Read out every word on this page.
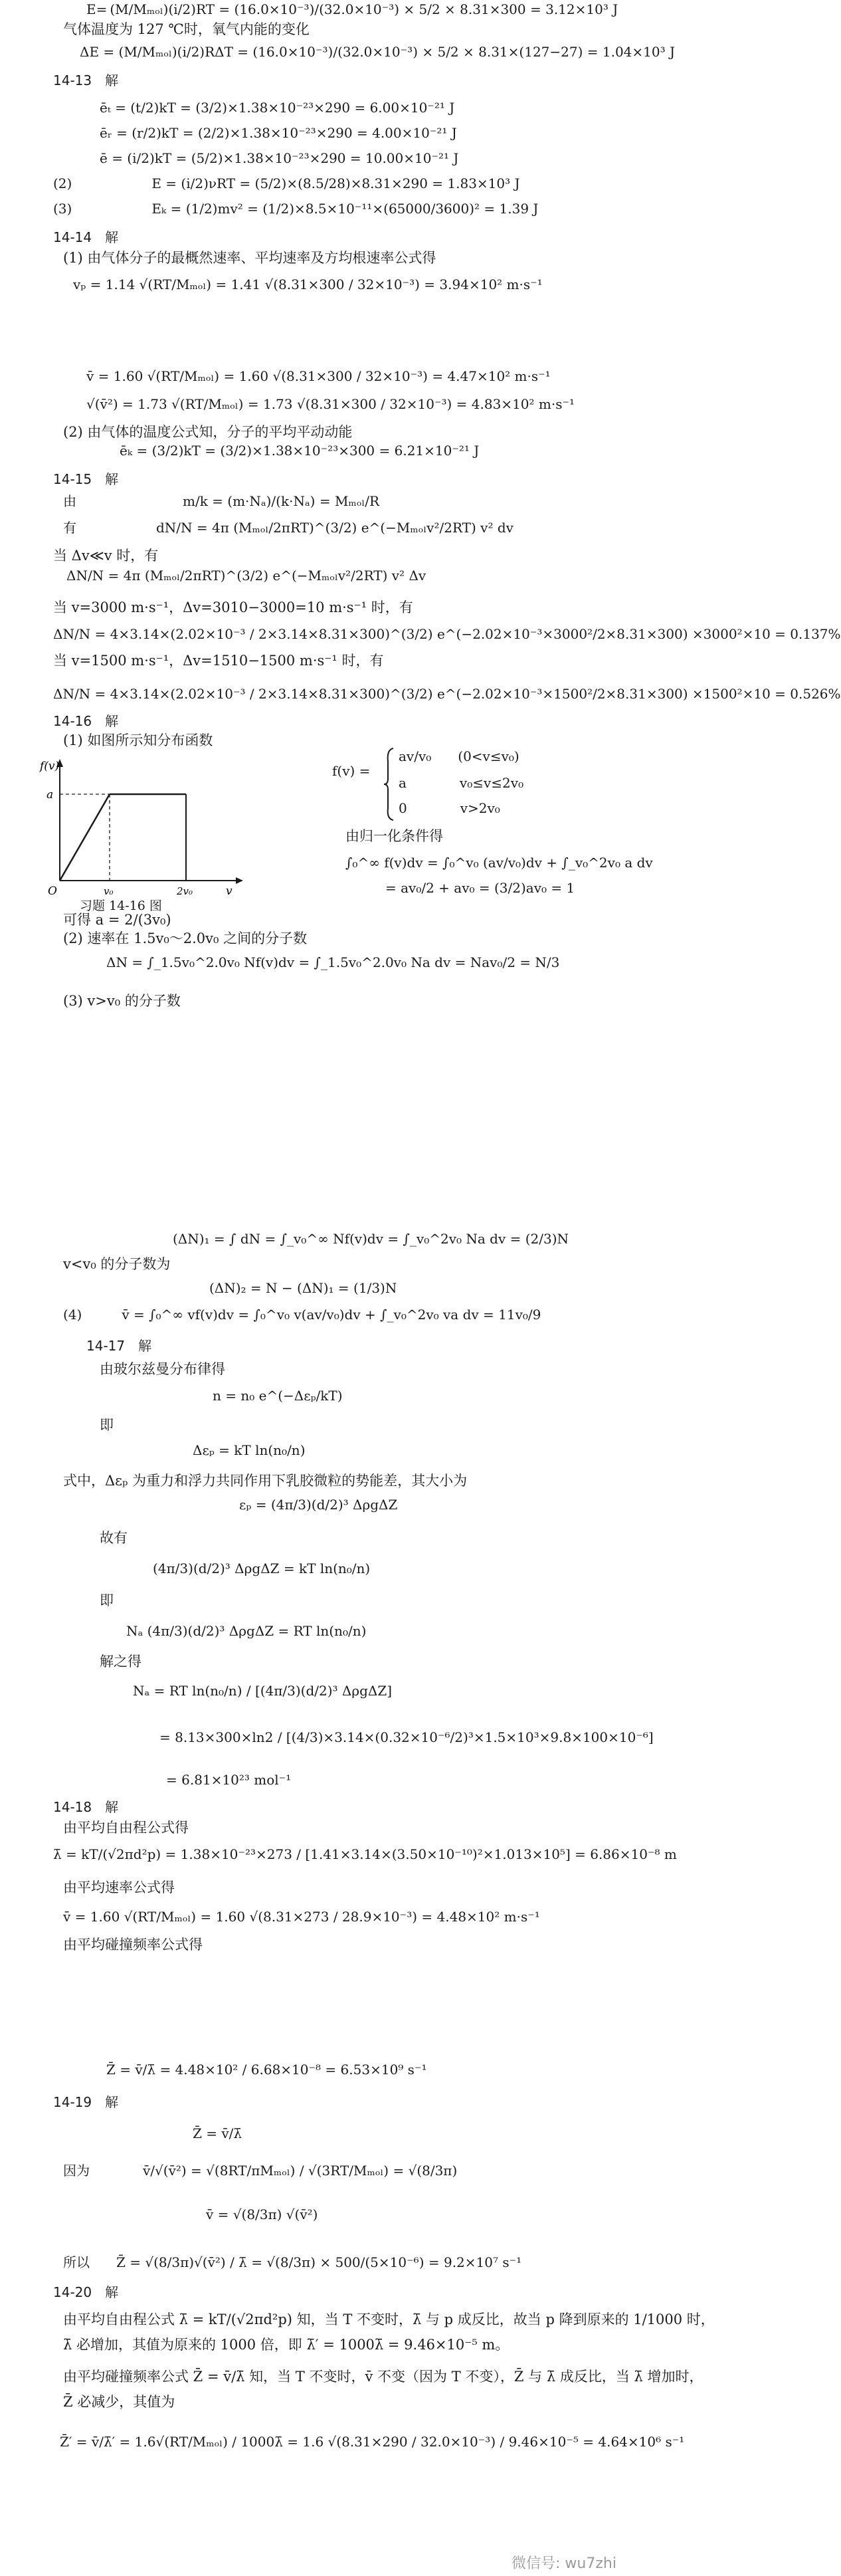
E= (M/Mₘₒₗ)(i/2)RT = (16.0×10⁻³)/(32.0×10⁻³) × 5/2 × 8.31×300 = 3.12×10³ J
气体温度为 127 ℃时，氧气内能的变化
ΔE = (M/Mₘₒₗ)(i/2)RΔT = (16.0×10⁻³)/(32.0×10⁻³) × 5/2 × 8.31×(127−27) = 1.04×10³ J
14-13　解
ēₜ = (t/2)kT = (3/2)×1.38×10⁻²³×290 = 6.00×10⁻²¹ J
ēᵣ = (r/2)kT = (2/2)×1.38×10⁻²³×290 = 4.00×10⁻²¹ J
ē = (i/2)kT = (5/2)×1.38×10⁻²³×290 = 10.00×10⁻²¹ J
(2)　　　　　　E = (i/2)νRT = (5/2)×(8.5/28)×8.31×290 = 1.83×10³ J
(3)　　　　　　Eₖ = (1/2)mv² = (1/2)×8.5×10⁻¹¹×(65000/3600)² = 1.39 J
14-14　解
(1) 由气体分子的最概然速率、平均速率及方均根速率公式得
vₚ = 1.14 √(RT/Mₘₒₗ) = 1.41 √(8.31×300 / 32×10⁻³) = 3.94×10² m·s⁻¹
v̄ = 1.60 √(RT/Mₘₒₗ) = 1.60 √(8.31×300 / 32×10⁻³) = 4.47×10² m·s⁻¹
√(v̄²) = 1.73 √(RT/Mₘₒₗ) = 1.73 √(8.31×300 / 32×10⁻³) = 4.83×10² m·s⁻¹
(2) 由气体的温度公式知，分子的平均平动动能
ēₖ = (3/2)kT = (3/2)×1.38×10⁻²³×300 = 6.21×10⁻²¹ J
14-15　解
由　　　　　　　　m/k = (m·Nₐ)/(k·Nₐ) = Mₘₒₗ/R
有　　　　　　dN/N = 4π (Mₘₒₗ/2πRT)^(3/2) e^(−Mₘₒₗv²/2RT) v² dv
当 Δv≪v 时，有
ΔN/N = 4π (Mₘₒₗ/2πRT)^(3/2) e^(−Mₘₒₗv²/2RT) v² Δv
当 v=3000 m·s⁻¹，Δv=3010−3000=10 m·s⁻¹ 时，有
ΔN/N = 4×3.14×(2.02×10⁻³ / 2×3.14×8.31×300)^(3/2) e^(−2.02×10⁻³×3000²/2×8.31×300) ×3000²×10 = 0.137%
当 v=1500 m·s⁻¹，Δv=1510−1500 m·s⁻¹ 时，有
ΔN/N = 4×3.14×(2.02×10⁻³ / 2×3.14×8.31×300)^(3/2) e^(−2.02×10⁻³×1500²/2×8.31×300) ×1500²×10 = 0.526%
14-16　解
(1) 如图所示知分布函数
可得 a = 2/(3v₀)
(2) 速率在 1.5v₀～2.0v₀ 之间的分子数
ΔN = ∫_1.5v₀^2.0v₀ Nf(v)dv = ∫_1.5v₀^2.0v₀ Na dv = Nav₀/2 = N/3
(3) v>v₀ 的分子数
(ΔN)₁ = ∫ dN = ∫_v₀^∞ Nf(v)dv = ∫_v₀^2v₀ Na dv = (2/3)N
v<v₀ 的分子数为
(ΔN)₂ = N − (ΔN)₁ = (1/3)N
(4)　　　v̄ = ∫₀^∞ vf(v)dv = ∫₀^v₀ v(av/v₀)dv + ∫_v₀^2v₀ va dv = 11v₀/9
14-17　解
由玻尔兹曼分布律得
n = n₀ e^(−Δεₚ/kT)
即
Δεₚ = kT ln(n₀/n)
式中，Δεₚ 为重力和浮力共同作用下乳胶微粒的势能差，其大小为
εₚ = (4π/3)(d/2)³ ΔρgΔZ
故有
(4π/3)(d/2)³ ΔρgΔZ = kT ln(n₀/n)
即
Nₐ (4π/3)(d/2)³ ΔρgΔZ = RT ln(n₀/n)
解之得
Nₐ = RT ln(n₀/n) / [(4π/3)(d/2)³ ΔρgΔZ]
= 8.13×300×ln2 / [(4/3)×3.14×(0.32×10⁻⁶/2)³×1.5×10³×9.8×100×10⁻⁶]
= 6.81×10²³ mol⁻¹
14-18　解
由平均自由程公式得
λ̄ = kT/(√2πd²p) = 1.38×10⁻²³×273 / [1.41×3.14×(3.50×10⁻¹⁰)²×1.013×10⁵] = 6.86×10⁻⁸ m
由平均速率公式得
v̄ = 1.60 √(RT/Mₘₒₗ) = 1.60 √(8.31×273 / 28.9×10⁻³) = 4.48×10² m·s⁻¹
由平均碰撞频率公式得
Z̄ = v̄/λ̄ = 4.48×10² / 6.68×10⁻⁸ = 6.53×10⁹ s⁻¹
14-19　解
Z̄ = v̄/λ̄
因为　　　　v̄/√(v̄²) = √(8RT/πMₘₒₗ) / √(3RT/Mₘₒₗ) = √(8/3π)
v̄ = √(8/3π) √(v̄²)
所以　　Z̄ = √(8/3π)√(v̄²) / λ̄ = √(8/3π) × 500/(5×10⁻⁶) = 9.2×10⁷ s⁻¹
14-20　解
由平均自由程公式 λ̄ = kT/(√2πd²p) 知，当 T 不变时，λ̄ 与 p 成反比，故当 p 降到原来的 1/1000 时，
λ̄ 必增加，其值为原来的 1000 倍，即 λ̄′ = 1000λ̄ = 9.46×10⁻⁵ m。
由平均碰撞频率公式 Z̄ = v̄/λ̄ 知，当 T 不变时，v̄ 不变（因为 T 不变），Z̄ 与 λ̄ 成反比，当 λ̄ 增加时，
Z̄ 必减少，其值为
Z̄′ = v̄/λ̄′ = 1.6√(RT/Mₘₒₗ) / 1000λ̄ = 1.6 √(8.31×290 / 32.0×10⁻³) / 9.46×10⁻⁵ = 4.64×10⁶ s⁻¹
f(v)
a
O	v₀	2v₀	v
习题 14-16 图
f(v) =
av/v₀　　(0<v≤v₀)
a　　　　v₀≤v≤2v₀
0　　　　v>2v₀
由归一化条件得
∫₀^∞ f(v)dv = ∫₀^v₀ (av/v₀)dv + ∫_v₀^2v₀ a dv
= av₀/2 + av₀ = (3/2)av₀ = 1
微信号: wu7zhi
